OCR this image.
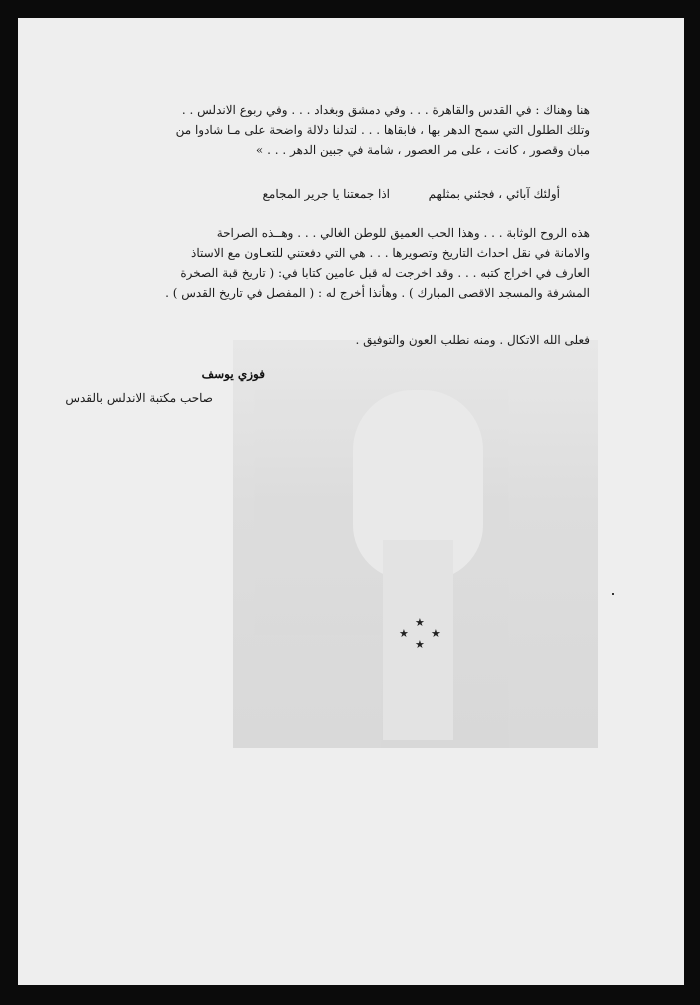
هنا وهناك : في القدس والقاهرة . . . وفي دمشق وبغداد . . . وفي ربوع الاندلس . .

وتلك الطلول التي سمح الدهر بها ، فابقاها . . . لتدلنا دلالة واضحة على مـا شادوا من

مبان وقصور ، كانت ، على مر العصور ، شامة في جبين الدهر . . . »

أولئك آبائي ، فجئني بمثلهم
اذا جمعتنا يا جرير المجامع

هذه الروح الوثابة . . . وهذا الحب العميق للوطن الغالي . . . وهــذه الصراحة

والامانة في نقل احداث التاريخ وتصويرها . . . هي التي دفعتني للتعـاون مع الاستاذ

العارف في اخراج كتبه . . . وقد اخرجت له قبل عامين كتابا في: ( تاريخ قبة الصخرة

المشرفة والمسجد الاقصى المبارك ) . وهأنذا أخرج له : ( المفصل في تاريخ القدس ) .

فعلى الله الاتكال . ومنه نطلب العون والتوفيق .

فوزي يوسف
صاحب مكتبة الاندلس بالقدس
★
★ ★
★
